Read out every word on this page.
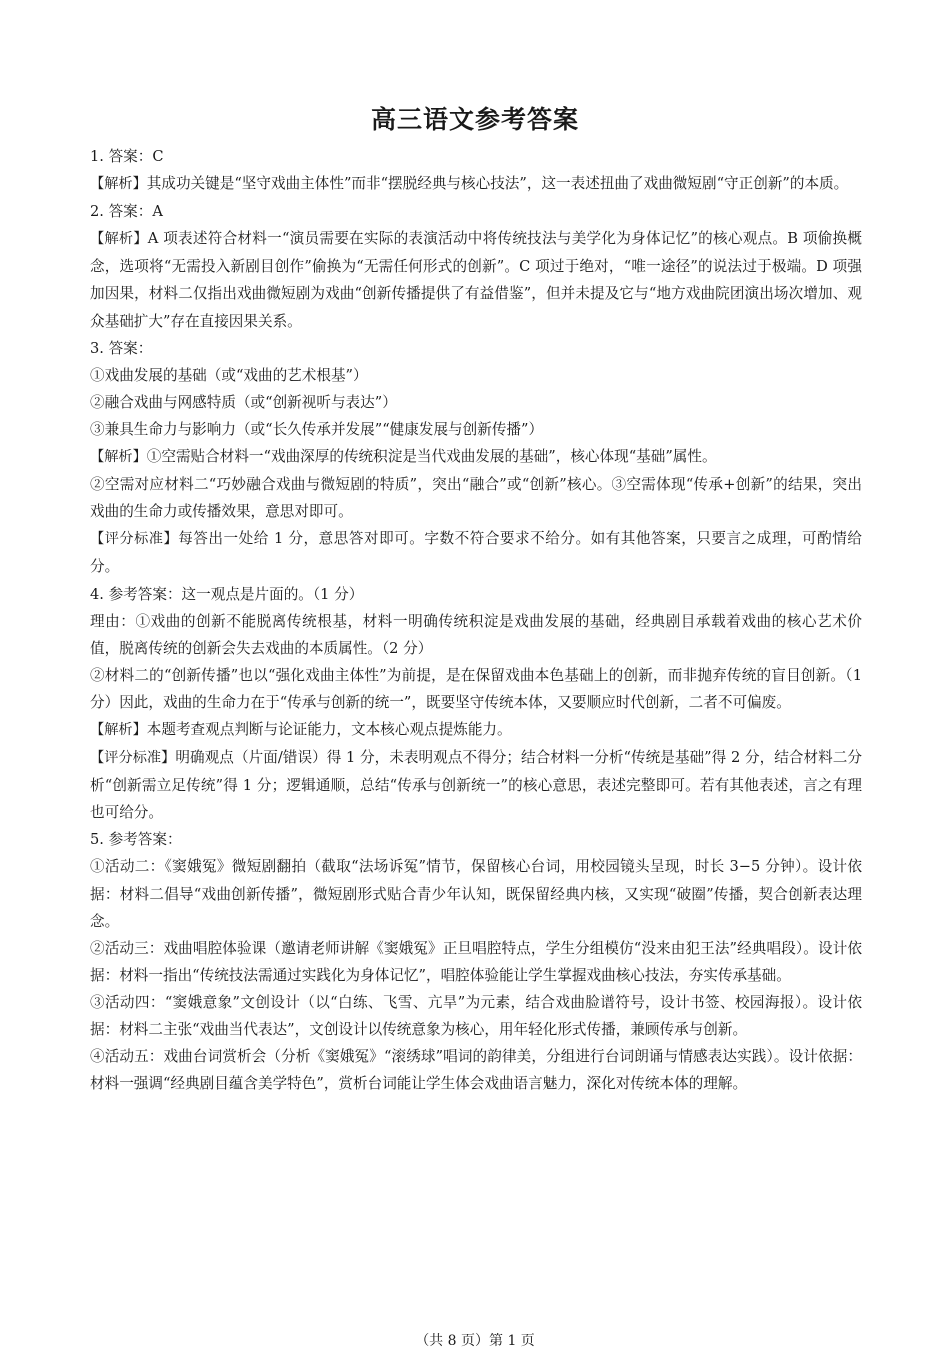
高三语文参考答案

1. 答案：C

【解析】其成功关键是“坚守戏曲主体性”而非“摆脱经典与核心技法”，这一表述扭曲了戏曲微短剧“守正创新”的本质。

2. 答案：A

【解析】A 项表述符合材料一“演员需要在实际的表演活动中将传统技法与美学化为身体记忆”的核心观点。B 项偷换概念，选项将“无需投入新剧目创作”偷换为“无需任何形式的创新”。C 项过于绝对，“唯一途径”的说法过于极端。D 项强加因果，材料二仅指出戏曲微短剧为戏曲“创新传播提供了有益借鉴”，但并未提及它与“地方戏曲院团演出场次增加、观众基础扩大”存在直接因果关系。

3. 答案：

①戏曲发展的基础（或“戏曲的艺术根基”）

②融合戏曲与网感特质（或“创新视听与表达”）

③兼具生命力与影响力（或“长久传承并发展”“健康发展与创新传播”）

【解析】①空需贴合材料一“戏曲深厚的传统积淀是当代戏曲发展的基础”，核心体现“基础”属性。

②空需对应材料二“巧妙融合戏曲与微短剧的特质”，突出“融合”或“创新”核心。③空需体现“传承+创新”的结果，突出戏曲的生命力或传播效果，意思对即可。

【评分标准】每答出一处给 1 分，意思答对即可。字数不符合要求不给分。如有其他答案，只要言之成理，可酌情给分。

4. 参考答案：这一观点是片面的。（1 分）

理由：①戏曲的创新不能脱离传统根基，材料一明确传统积淀是戏曲发展的基础，经典剧目承载着戏曲的核心艺术价值，脱离传统的创新会失去戏曲的本质属性。（2 分）

②材料二的“创新传播”也以“强化戏曲主体性”为前提，是在保留戏曲本色基础上的创新，而非抛弃传统的盲目创新。（1 分）因此，戏曲的生命力在于“传承与创新的统一”，既要坚守传统本体，又要顺应时代创新，二者不可偏废。

【解析】本题考查观点判断与论证能力，文本核心观点提炼能力。

【评分标准】明确观点（片面/错误）得 1 分，未表明观点不得分；结合材料一分析“传统是基础”得 2 分，结合材料二分析“创新需立足传统”得 1 分；逻辑通顺，总结“传承与创新统一”的核心意思，表述完整即可。若有其他表述，言之有理也可给分。

5. 参考答案：

①活动二：《窦娥冤》微短剧翻拍（截取“法场诉冤”情节，保留核心台词，用校园镜头呈现，时长 3−5 分钟）。设计依据：材料二倡导“戏曲创新传播”，微短剧形式贴合青少年认知，既保留经典内核，又实现“破圈”传播，契合创新表达理念。

②活动三：戏曲唱腔体验课（邀请老师讲解《窦娥冤》正旦唱腔特点，学生分组模仿“没来由犯王法”经典唱段）。设计依据：材料一指出“传统技法需通过实践化为身体记忆”，唱腔体验能让学生掌握戏曲核心技法，夯实传承基础。

③活动四：“窦娥意象”文创设计（以“白练、飞雪、亢旱”为元素，结合戏曲脸谱符号，设计书签、校园海报）。设计依据：材料二主张“戏曲当代表达”，文创设计以传统意象为核心，用年轻化形式传播，兼顾传承与创新。

④活动五：戏曲台词赏析会（分析《窦娥冤》“滚绣球”唱词的韵律美，分组进行台词朗诵与情感表达实践）。设计依据：材料一强调“经典剧目蕴含美学特色”，赏析台词能让学生体会戏曲语言魅力，深化对传统本体的理解。

（共 8 页）第 1 页
